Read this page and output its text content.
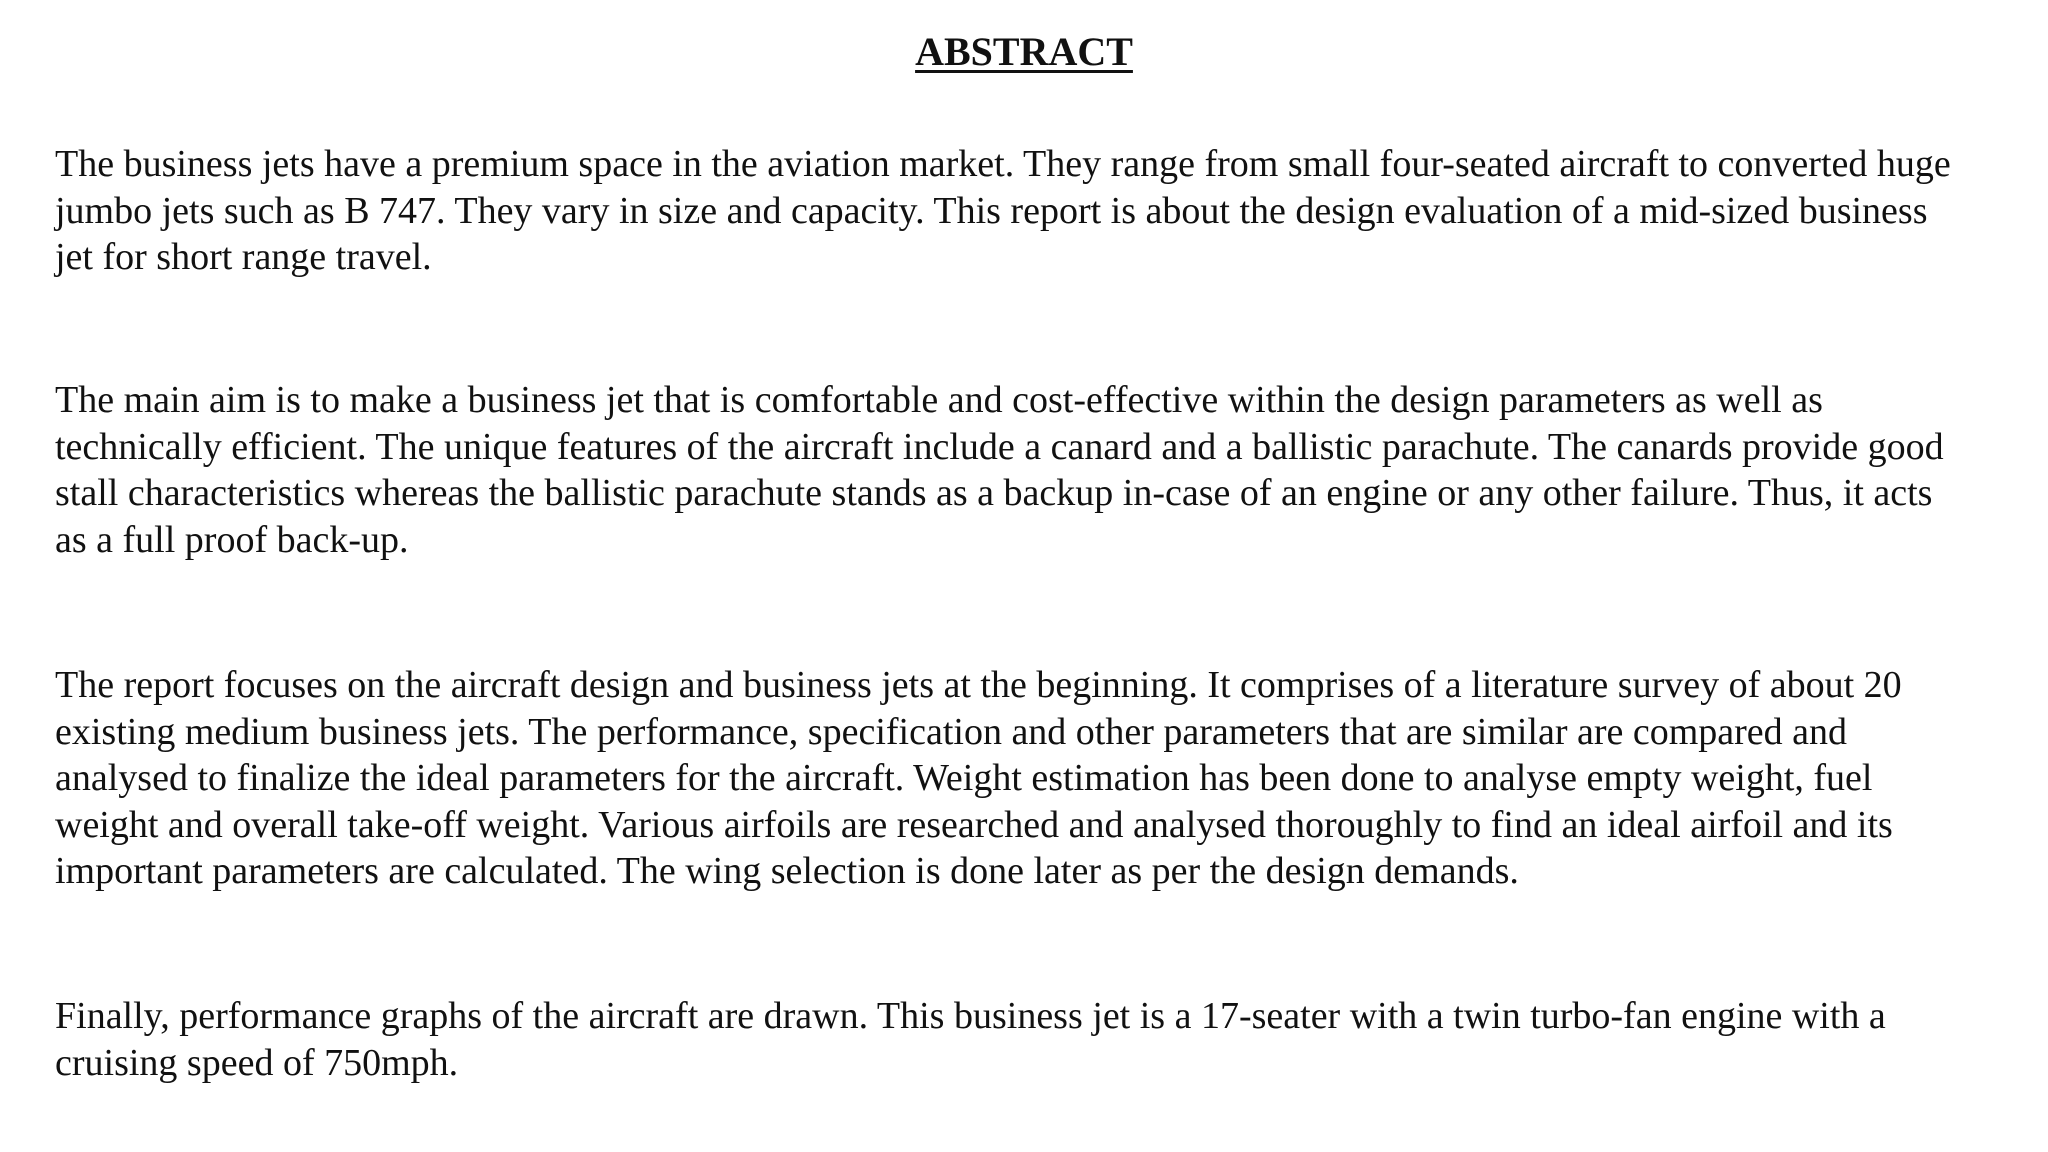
ABSTRACT

The business jets have a premium space in the aviation market. They range from small four-seated aircraft to converted huge
jumbo jets such as B 747. They vary in size and capacity. This report is about the design evaluation of a mid-sized business
jet for short range travel.

The main aim is to make a business jet that is comfortable and cost-effective within the design parameters as well as
technically efficient. The unique features of the aircraft include a canard and a ballistic parachute. The canards provide good
stall characteristics whereas the ballistic parachute stands as a backup in-case of an engine or any other failure. Thus, it acts
as a full proof back-up.

The report focuses on the aircraft design and business jets at the beginning. It comprises of a literature survey of about 20
existing medium business jets. The performance, specification and other parameters that are similar are compared and
analysed to finalize the ideal parameters for the aircraft. Weight estimation has been done to analyse empty weight, fuel
weight and overall take-off weight. Various airfoils are researched and analysed thoroughly to find an ideal airfoil and its
important parameters are calculated. The wing selection is done later as per the design demands.

Finally, performance graphs of the aircraft are drawn. This business jet is a 17-seater with a twin turbo-fan engine with a
cruising speed of 750mph.
